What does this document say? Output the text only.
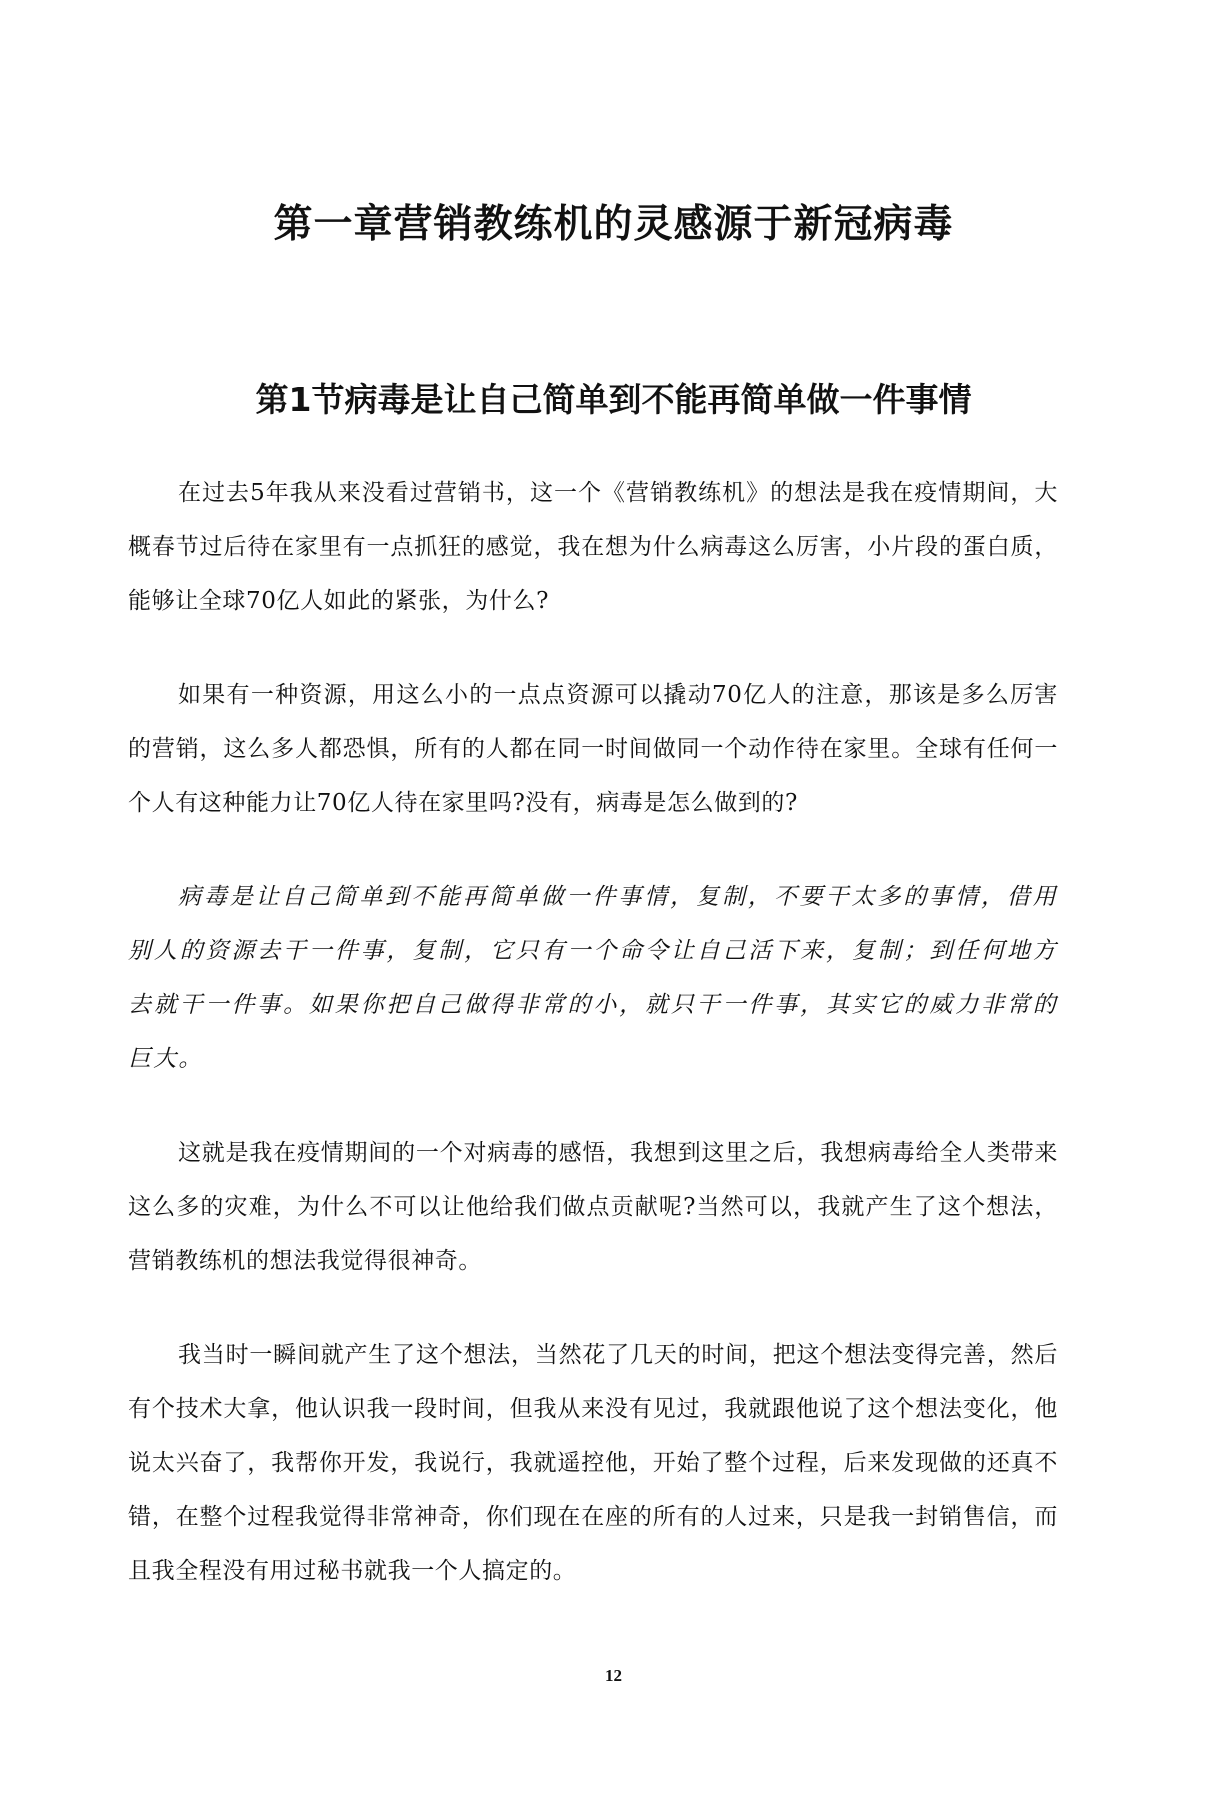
第一章营销教练机的灵感源于新冠病毒
第1节病毒是让自己简单到不能再简单做一件事情

在过去5年我从来没看过营销书，这一个《营销教练机》的想法是我在疫情期间，大概春节过后待在家里有一点抓狂的感觉，我在想为什么病毒这么厉害，小片段的蛋白质，能够让全球70亿人如此的紧张，为什么?

如果有一种资源，用这么小的一点点资源可以撬动70亿人的注意，那该是多么厉害的营销，这么多人都恐惧，所有的人都在同一时间做同一个动作待在家里。全球有任何一个人有这种能力让70亿人待在家里吗?没有，病毒是怎么做到的?

病毒是让自己简单到不能再简单做一件事情，复制，不要干太多的事情，借用别人的资源去干一件事，复制，它只有一个命令让自己活下来，复制；到任何地方去就干一件事。如果你把自己做得非常的小，就只干一件事，其实它的威力非常的巨大。

这就是我在疫情期间的一个对病毒的感悟，我想到这里之后，我想病毒给全人类带来这么多的灾难，为什么不可以让他给我们做点贡献呢?当然可以，我就产生了这个想法，营销教练机的想法我觉得很神奇。

我当时一瞬间就产生了这个想法，当然花了几天的时间，把这个想法变得完善，然后有个技术大拿，他认识我一段时间，但我从来没有见过，我就跟他说了这个想法变化，他说太兴奋了，我帮你开发，我说行，我就遥控他，开始了整个过程，后来发现做的还真不错，在整个过程我觉得非常神奇，你们现在在座的所有的人过来，只是我一封销售信，而且我全程没有用过秘书就我一个人搞定的。

12
